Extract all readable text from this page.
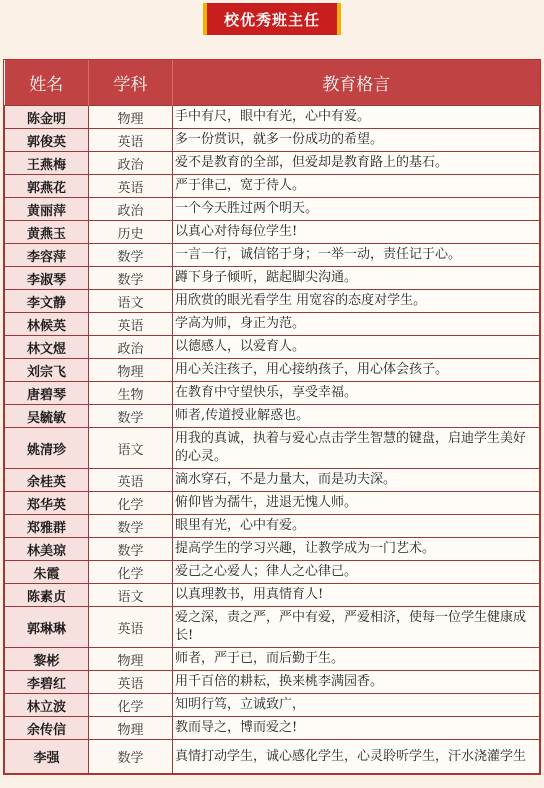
校优秀班主任
姓名	学科	教育格言
陈金明	物理	手中有尺，眼中有光，心中有爱。
郭俊英	英语	多一份赏识，就多一份成功的希望。
王燕梅	政治	爱不是教育的全部，但爱却是教育路上的基石。
郭燕花	英语	严于律己，宽于待人。
黄丽萍	政治	一个今天胜过两个明天。
黄燕玉	历史	以真心对待每位学生!
李容萍	数学	一言一行，诚信铭于身；一举一动，责任记于心。
李淑琴	数学	蹲下身子倾听，踮起脚尖沟通。
李文静	语文	用欣赏的眼光看学生 用宽容的态度对学生。
林候英	英语	学高为师，身正为范。
林文煜	政治	以德感人，以爱育人。
刘宗飞	物理	用心关注孩子，用心接纳孩子，用心体会孩子。
唐碧琴	生物	在教育中守望快乐，享受幸福。
吴毓敏	数学	师者,传道授业解惑也。
姚清珍	语文	用我的真诚，执着与爱心点击学生智慧的键盘，启迪学生美好的心灵。
余桂英	英语	滴水穿石，不是力量大，而是功夫深。
郑华英	化学	俯仰皆为孺牛，进退无愧人师。
郑雅群	数学	眼里有光，心中有爱。
林美琼	数学	提高学生的学习兴趣，让教学成为一门艺术。
朱霞	化学	爱己之心爱人；律人之心律己。
陈素贞	语文	以真理教书，用真情育人!
郭琳琳	英语	爱之深，责之严，严中有爱，严爱相济，使每一位学生健康成长!
黎彬	物理	师者，严于已，而后勤于生。
李碧红	英语	用千百倍的耕耘，换来桃李满园香。
林立波	化学	知明行笃，立诚致广，
余传信	物理	教而导之，博而爱之!
李强	数学	真情打动学生，诚心感化学生，心灵聆听学生，汗水浇灌学生
